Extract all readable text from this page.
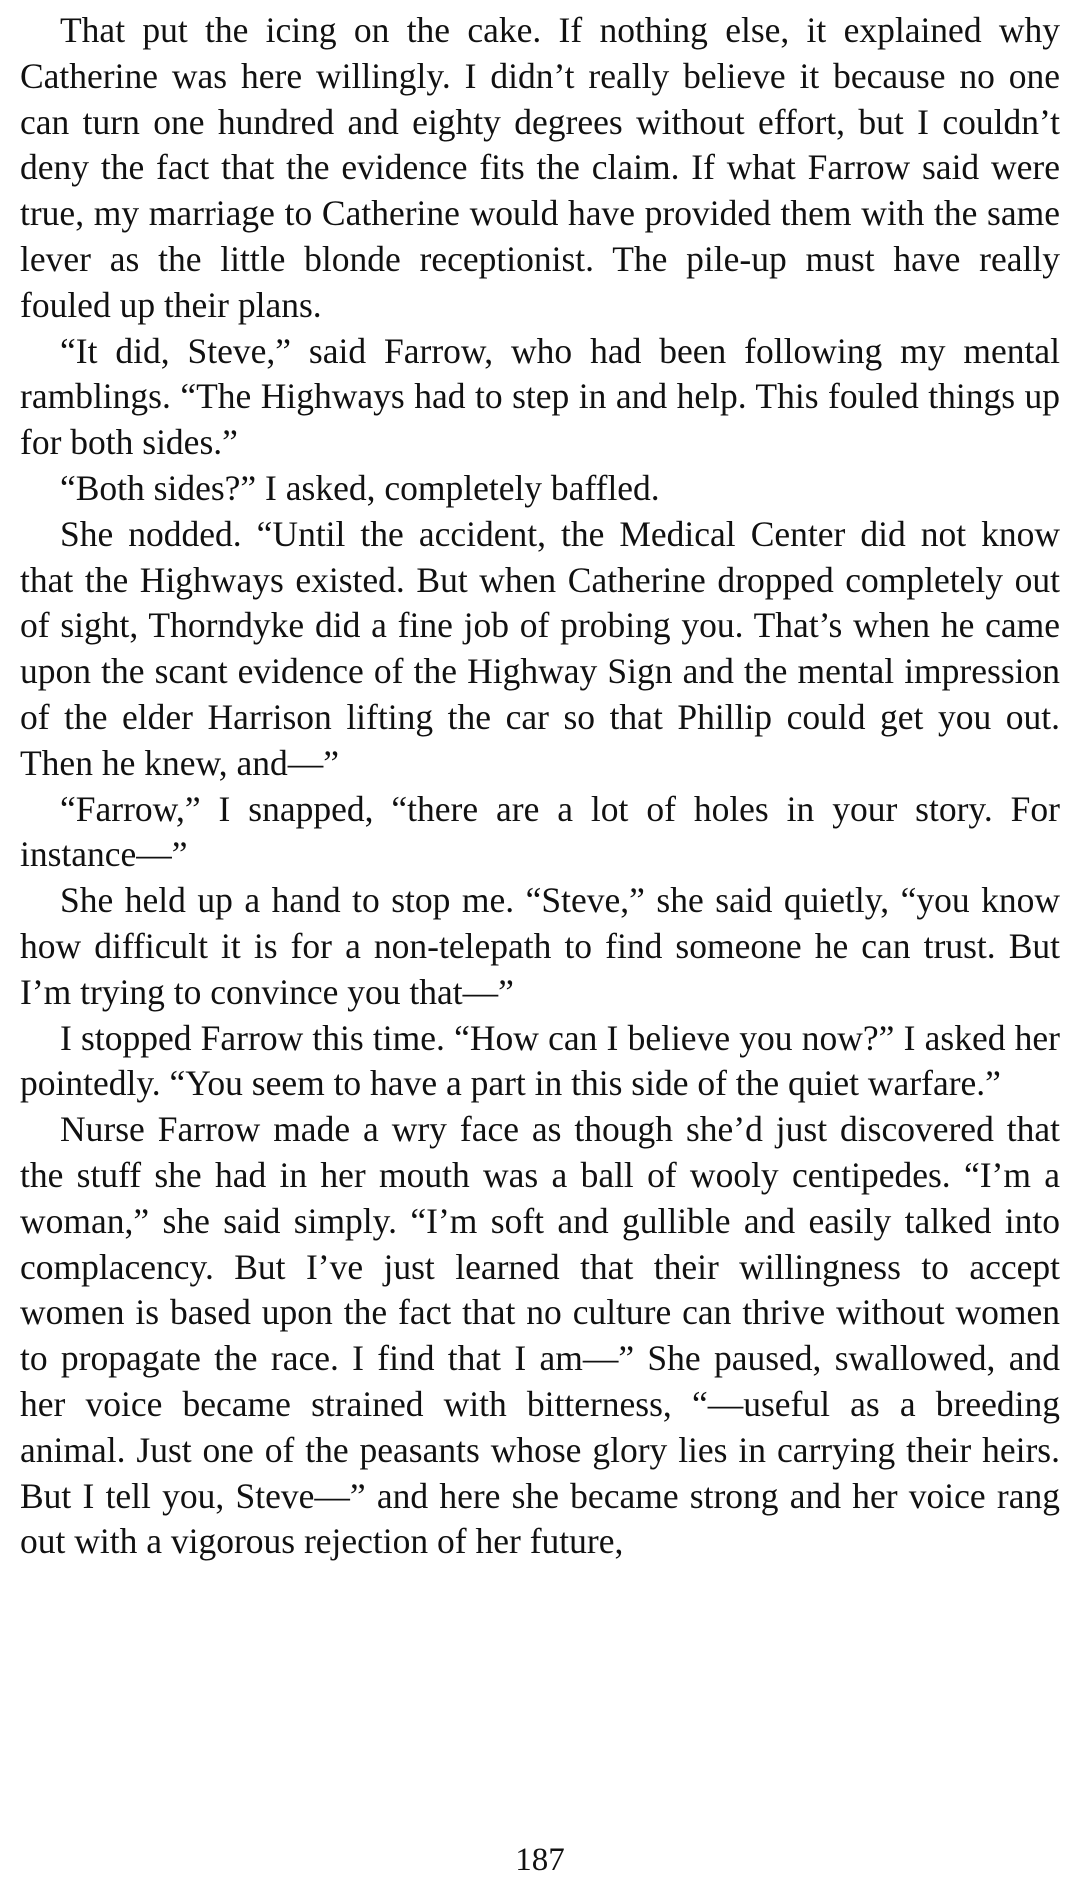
That put the icing on the cake. If nothing else, it explained why Catherine was here willingly. I didn’t really believe it because no one can turn one hundred and eighty degrees without effort, but I couldn’t deny the fact that the evidence fits the claim. If what Farrow said were true, my marriage to Catherine would have provided them with the same lever as the little blonde receptionist. The pile-up must have really fouled up their plans.

“It did, Steve,” said Farrow, who had been following my mental ramblings. “The Highways had to step in and help. This fouled things up for both sides.”

“Both sides?” I asked, completely baffled.

She nodded. “Until the accident, the Medical Center did not know that the Highways existed. But when Catherine dropped completely out of sight, Thorndyke did a fine job of probing you. That’s when he came upon the scant evidence of the Highway Sign and the mental impression of the elder Harrison lifting the car so that Phillip could get you out. Then he knew, and—”

“Farrow,” I snapped, “there are a lot of holes in your story. For instance—”

She held up a hand to stop me. “Steve,” she said quietly, “you know how difficult it is for a non-telepath to find someone he can trust. But I’m trying to convince you that—”

I stopped Farrow this time. “How can I believe you now?” I asked her pointedly. “You seem to have a part in this side of the quiet warfare.”

Nurse Farrow made a wry face as though she’d just discovered that the stuff she had in her mouth was a ball of wooly centipedes. “I’m a woman,” she said simply. “I’m soft and gullible and easily talked into complacency. But I’ve just learned that their willingness to accept women is based upon the fact that no culture can thrive without women to propagate the race. I find that I am—” She paused, swallowed, and her voice became strained with bitterness, “—useful as a breeding animal. Just one of the peasants whose glory lies in carrying their heirs. But I tell you, Steve—” and here she became strong and her voice rang out with a vigorous rejection of her future,

187
